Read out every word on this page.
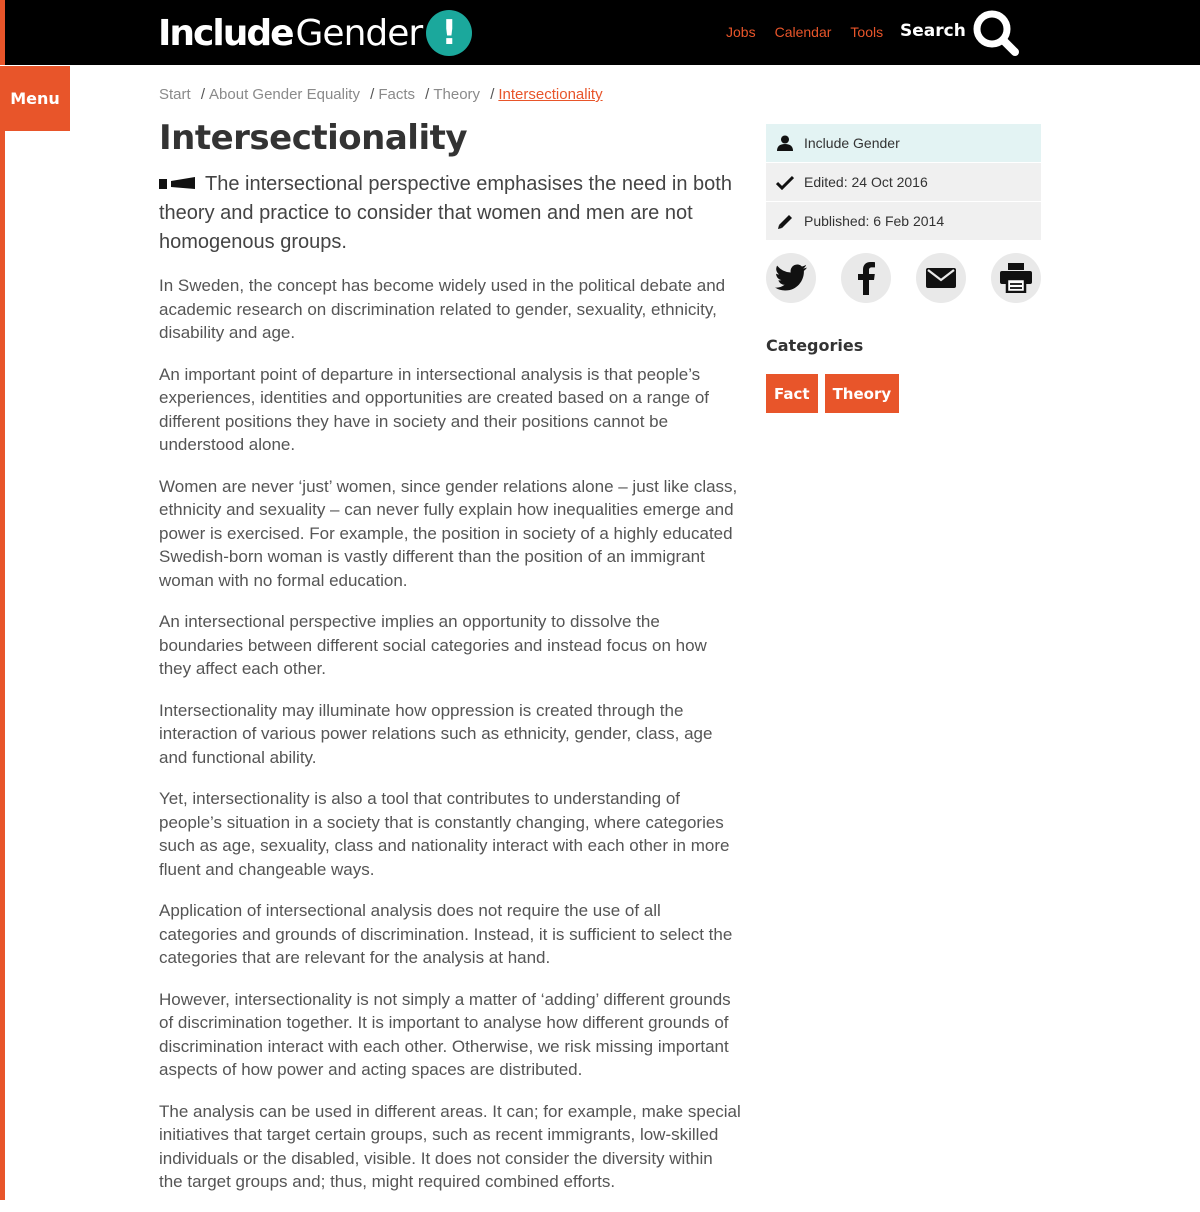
Include Gender !	Jobs Calendar Tools Search
Menu	Start / About Gender Equality / Facts / Theory / Intersectionality
Intersectionality

The intersectional perspective emphasises the need in both theory and practice to consider that women and men are not homogenous groups.

In Sweden, the concept has become widely used in the political debate and academic research on discrimination related to gender, sexuality, ethnicity, disability and age.

An important point of departure in intersectional analysis is that people’s experiences, identities and opportunities are created based on a range of different positions they have in society and their positions cannot be understood alone.

Women are never ‘just’ women, since gender relations alone – just like class, ethnicity and sexuality – can never fully explain how inequalities emerge and power is exercised. For example, the position in society of a highly educated Swedish-born woman is vastly different than the position of an immigrant woman with no formal education.

An intersectional perspective implies an opportunity to dissolve the boundaries between different social categories and instead focus on how they affect each other.

Intersectionality may illuminate how oppression is created through the interaction of various power relations such as ethnicity, gender, class, age and functional ability.

Yet, intersectionality is also a tool that contributes to understanding of people’s situation in a society that is constantly changing, where categories such as age, sexuality, class and nationality interact with each other in more fluent and changeable ways.

Application of intersectional analysis does not require the use of all categories and grounds of discrimination. Instead, it is sufficient to select the categories that are relevant for the analysis at hand.

However, intersectionality is not simply a matter of ‘adding’ different grounds of discrimination together. It is important to analyse how different grounds of discrimination interact with each other. Otherwise, we risk missing important aspects of how power and acting spaces are distributed.

The analysis can be used in different areas. It can; for example, make special initiatives that target certain groups, such as recent immigrants, low-skilled individuals or the disabled, visible. It does not consider the diversity within the target groups and; thus, might required combined efforts.

Include Gender
Edited: 24 Oct 2016
Published: 6 Feb 2014
Categories
Fact	Theory
